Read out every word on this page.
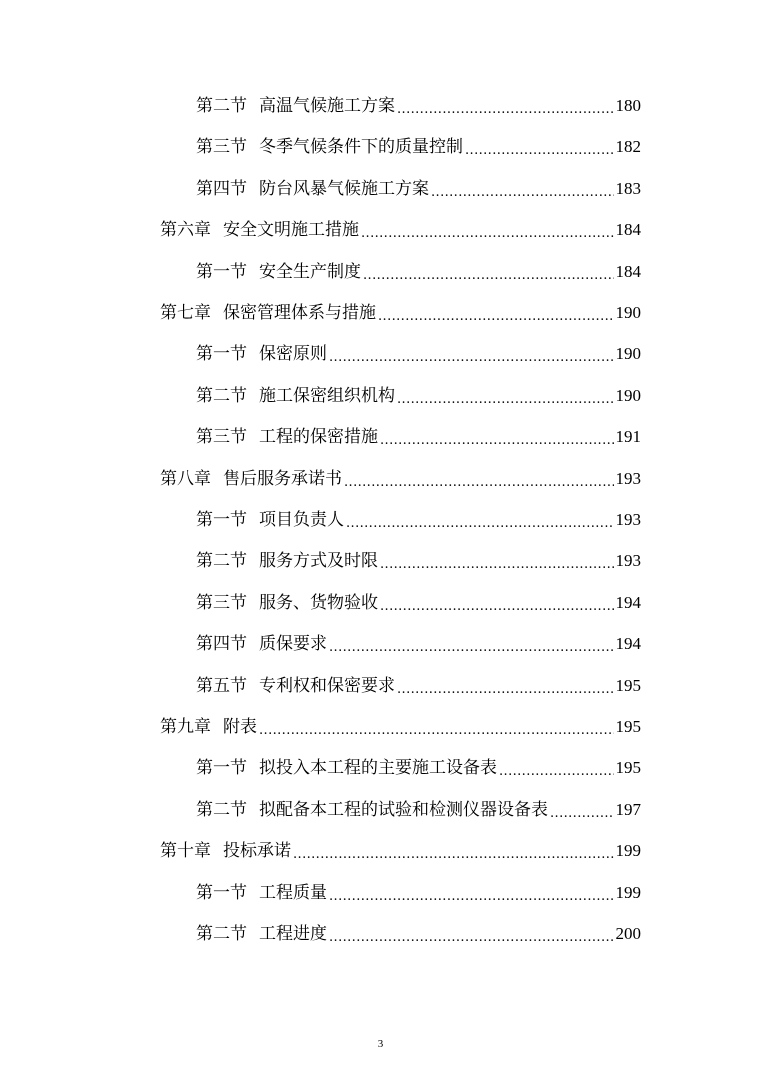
第二节 高温气候施工方案 .....	180
第三节 冬季气候条件下的质量控制 .....	182
第四节 防台风暴气候施工方案 .....	183
第六章 安全文明施工措施 .....	184
第一节 安全生产制度 .....	184
第七章 保密管理体系与措施 .....	190
第一节 保密原则 .....	190
第二节 施工保密组织机构 .....	190
第三节 工程的保密措施 .....	191
第八章 售后服务承诺书 .....	193
第一节 项目负责人 .....	193
第二节 服务方式及时限 .....	193
第三节 服务、货物验收 .....	194
第四节 质保要求 .....	194
第五节 专利权和保密要求 .....	195
第九章 附表 .....	195
第一节 拟投入本工程的主要施工设备表 .....	195
第二节 拟配备本工程的试验和检测仪器设备表 .....	197
第十章 投标承诺 .....	199
第一节 工程质量 .....	199
第二节 工程进度 .....	200
3
